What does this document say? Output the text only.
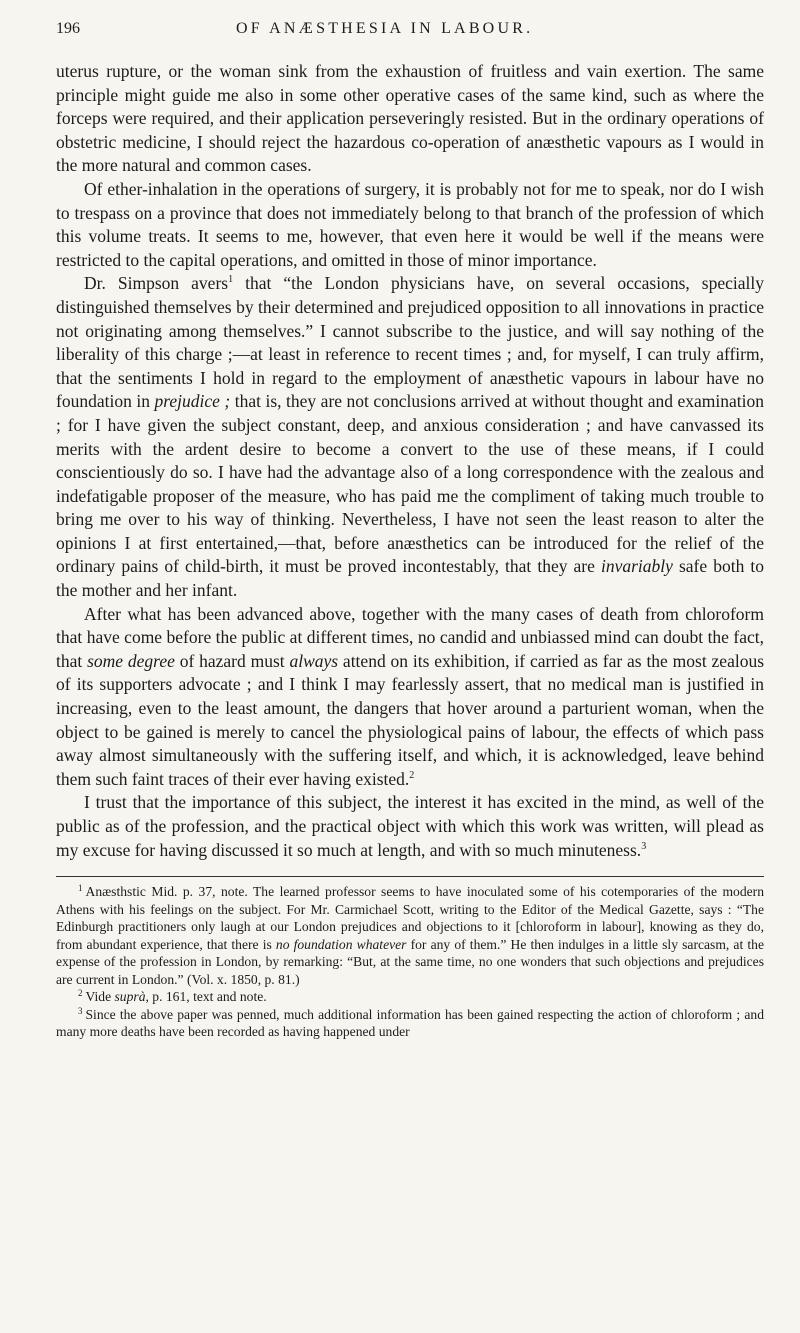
196	OF ANÆSTHESIA IN LABOUR.

uterus rupture, or the woman sink from the exhaustion of fruitless and vain exertion. The same principle might guide me also in some other operative cases of the same kind, such as where the forceps were required, and their application perseveringly resisted. But in the ordinary operations of obstetric medicine, I should reject the hazardous co-operation of anæsthetic vapours as I would in the more natural and common cases.

Of ether-inhalation in the operations of surgery, it is probably not for me to speak, nor do I wish to trespass on a province that does not immediately belong to that branch of the profession of which this volume treats. It seems to me, however, that even here it would be well if the means were restricted to the capital operations, and omitted in those of minor importance.

Dr. Simpson avers$^1$ that “the London physicians have, on several occasions, specially distinguished themselves by their determined and prejudiced opposition to all innovations in practice not originating among themselves.” I cannot subscribe to the justice, and will say nothing of the liberality of this charge ;—at least in reference to recent times ; and, for myself, I can truly affirm, that the sentiments I hold in regard to the employment of anæsthetic vapours in labour have no foundation in prejudice ; that is, they are not conclusions arrived at without thought and examination ; for I have given the subject constant, deep, and anxious consideration ; and have canvassed its merits with the ardent desire to become a convert to the use of these means, if I could conscientiously do so. I have had the advantage also of a long correspondence with the zealous and indefatigable proposer of the measure, who has paid me the compliment of taking much trouble to bring me over to his way of thinking. Nevertheless, I have not seen the least reason to alter the opinions I at first entertained,—that, before anæsthetics can be introduced for the relief of the ordinary pains of child-birth, it must be proved incontestably, that they are invariably safe both to the mother and her infant.

After what has been advanced above, together with the many cases of death from chloroform that have come before the public at different times, no candid and unbiassed mind can doubt the fact, that some degree of hazard must always attend on its exhibition, if carried as far as the most zealous of its supporters advocate ; and I think I may fearlessly assert, that no medical man is justified in increasing, even to the least amount, the dangers that hover around a parturient woman, when the object to be gained is merely to cancel the physiological pains of labour, the effects of which pass away almost simultaneously with the suffering itself, and which, it is acknowledged, leave behind them such faint traces of their ever having existed.$^2$

I trust that the importance of this subject, the interest it has excited in the mind, as well of the public as of the profession, and the practical object with which this work was written, will plead as my excuse for having discussed it so much at length, and with so much minuteness.$^3$

$^1$ Anæsthstic Mid. p. 37, note. The learned professor seems to have inoculated some of his cotemporaries of the modern Athens with his feelings on the subject. For Mr. Carmichael Scott, writing to the Editor of the Medical Gazette, says : “The Edinburgh practitioners only laugh at our London prejudices and objections to it [chloroform in labour], knowing as they do, from abundant experience, that there is no foundation whatever for any of them.” He then indulges in a little sly sarcasm, at the expense of the profession in London, by remarking: “But, at the same time, no one wonders that such objections and prejudices are current in London.” (Vol. x. 1850, p. 81.)

$^2$ Vide suprà, p. 161, text and note.

$^3$ Since the above paper was penned, much additional information has been gained respecting the action of chloroform ; and many more deaths have been recorded as having happened under
